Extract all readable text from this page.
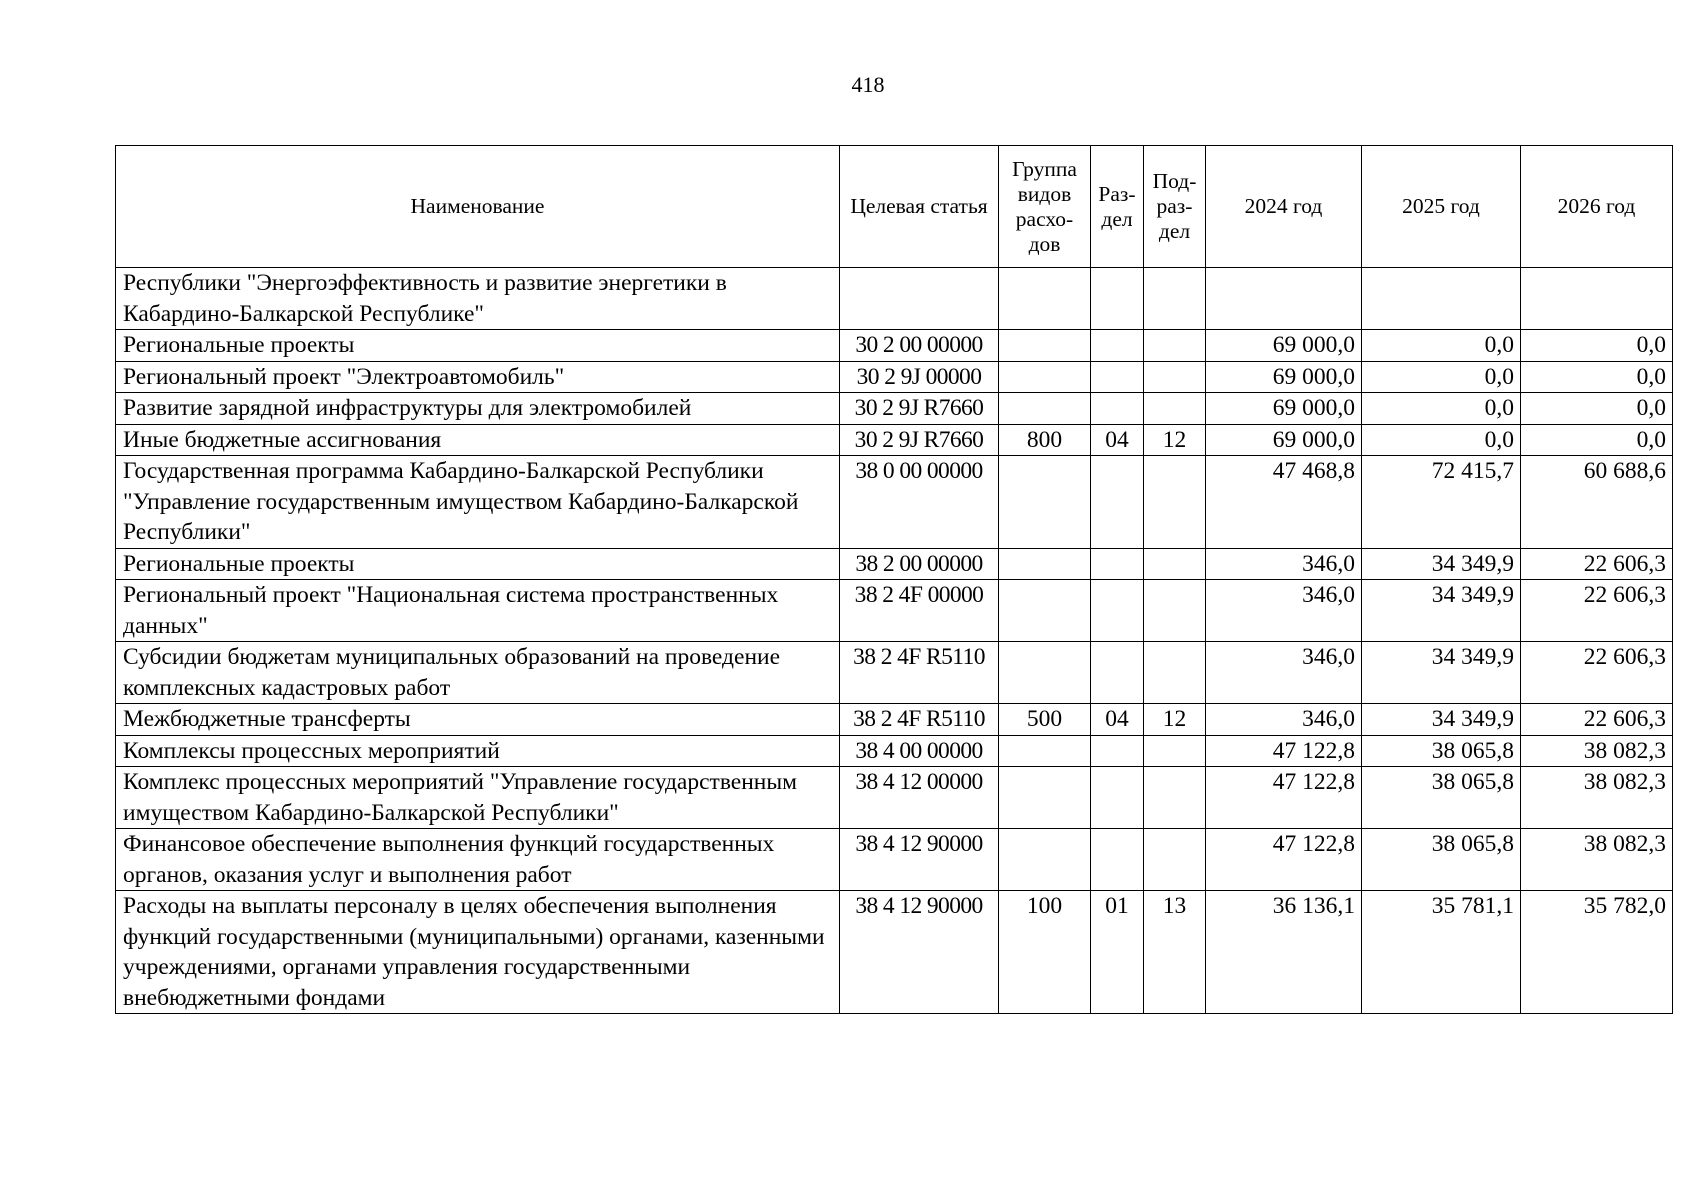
418
Наименование	Целевая статья	Группа видов расхо-дов	Раз-дел	Под-раз-дел	2024 год	2025 год	2026 год
Республики "Энергоэффективность и развитие энергетики в Кабардино-Балкарской Республике"							
Региональные проекты	30 2 00 00000				69 000,0	0,0	0,0
Региональный проект "Электроавтомобиль"	30 2 9J 00000				69 000,0	0,0	0,0
Развитие зарядной инфраструктуры для электромобилей	30 2 9J R7660				69 000,0	0,0	0,0
Иные бюджетные ассигнования	30 2 9J R7660	800	04	12	69 000,0	0,0	0,0
Государственная программа Кабардино-Балкарской Республики "Управление государственным имуществом Кабардино-Балкарской Республики"	38 0 00 00000				47 468,8	72 415,7	60 688,6
Региональные проекты	38 2 00 00000				346,0	34 349,9	22 606,3
Региональный проект "Национальная система пространственных данных"	38 2 4F 00000				346,0	34 349,9	22 606,3
Субсидии бюджетам муниципальных образований на проведение комплексных кадастровых работ	38 2 4F R5110				346,0	34 349,9	22 606,3
Межбюджетные трансферты	38 2 4F R5110	500	04	12	346,0	34 349,9	22 606,3
Комплексы процессных мероприятий	38 4 00 00000				47 122,8	38 065,8	38 082,3
Комплекс процессных мероприятий "Управление государственным имуществом Кабардино-Балкарской Республики"	38 4 12 00000				47 122,8	38 065,8	38 082,3
Финансовое обеспечение выполнения функций государственных органов, оказания услуг и выполнения работ	38 4 12 90000				47 122,8	38 065,8	38 082,3
Расходы на выплаты персоналу в целях обеспечения выполнения функций государственными (муниципальными) органами, казенными учреждениями, органами управления государственными внебюджетными фондами	38 4 12 90000	100	01	13	36 136,1	35 781,1	35 782,0
